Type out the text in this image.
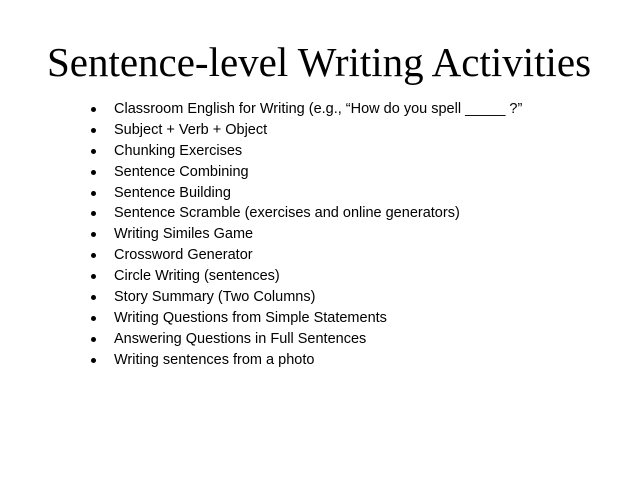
Sentence-level Writing Activities
Classroom English for Writing (e.g., “How do you spell _____ ?”
Subject + Verb + Object
Chunking Exercises
Sentence Combining
Sentence Building
Sentence Scramble (exercises and online generators)
Writing Similes Game
Crossword Generator
Circle Writing (sentences)
Story Summary (Two Columns)
Writing Questions from Simple Statements
Answering Questions in Full Sentences
Writing sentences from a photo
